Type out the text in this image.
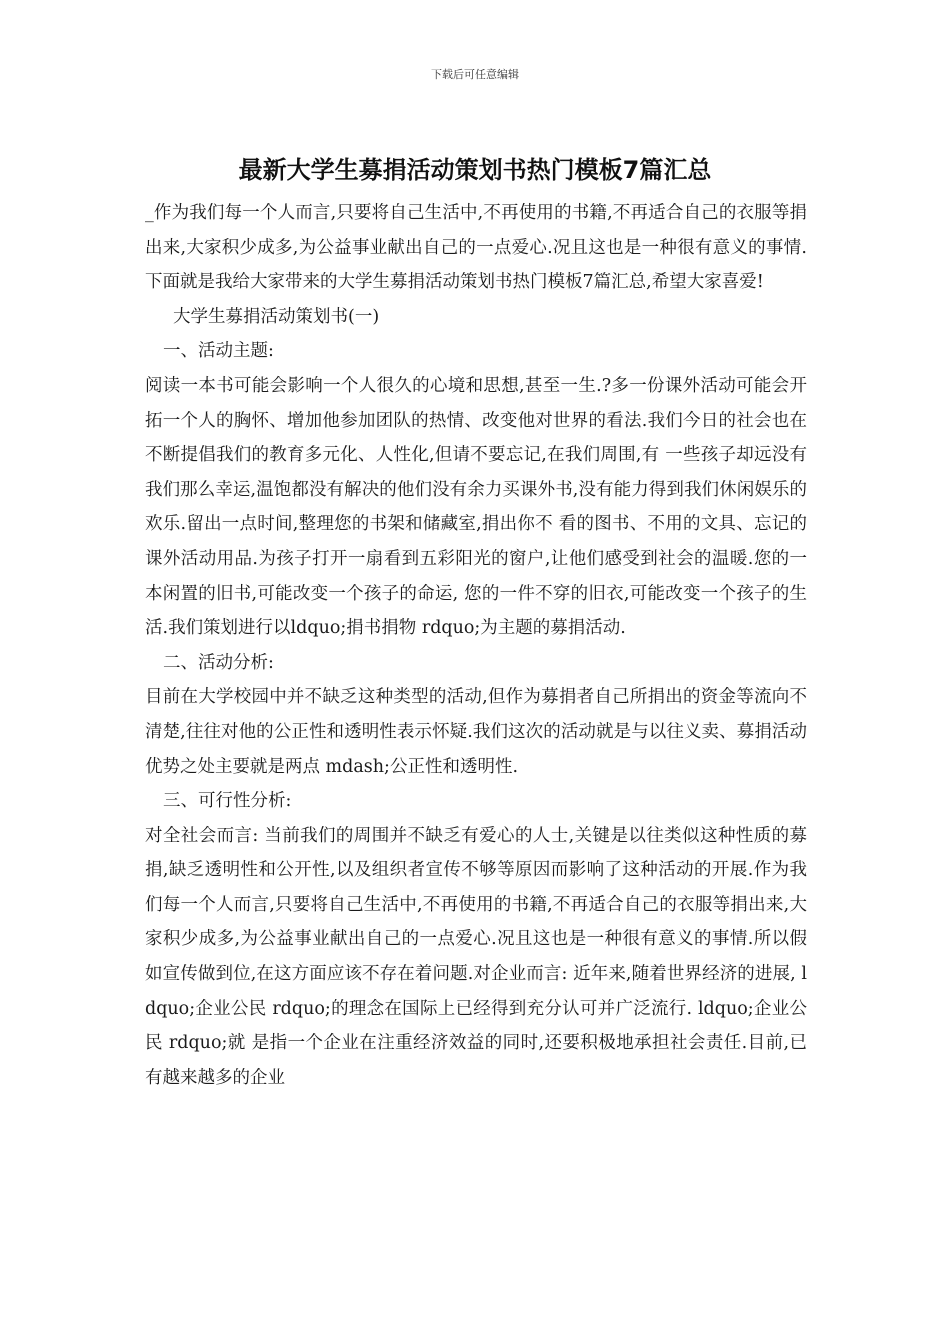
下载后可任意编辑
最新大学生募捐活动策划书热门模板7篇汇总

_作为我们每一个人而言,只要将自己生活中,不再使用的书籍,不再适合自己的衣服等捐出来,大家积少成多,为公益事业献出自己的一点爱心.况且这也是一种很有意义的事情.下面就是我给大家带来的大学生募捐活动策划书热门模板7篇汇总,希望大家喜爱!

大学生募捐活动策划书(一)

一、活动主题:

阅读一本书可能会影响一个人很久的心境和思想,甚至一生.?多一份课外活动可能会开拓一个人的胸怀、增加他参加团队的热情、改变他对世界的看法.我们今日的社会也在不断提倡我们的教育多元化、人性化,但请不要忘记,在我们周围,有 一些孩子却远没有我们那么幸运,温饱都没有解决的他们没有余力买课外书,没有能力得到我们休闲娱乐的欢乐.留出一点时间,整理您的书架和储藏室,捐出你不 看的图书、不用的文具、忘记的课外活动用品.为孩子打开一扇看到五彩阳光的窗户,让他们感受到社会的温暖.您的一本闲置的旧书,可能改变一个孩子的命运, 您的一件不穿的旧衣,可能改变一个孩子的生活.我们策划进行以ldquo;捐书捐物 rdquo;为主题的募捐活动.

二、活动分析:

目前在大学校园中并不缺乏这种类型的活动,但作为募捐者自己所捐出的资金等流向不清楚,往往对他的公正性和透明性表示怀疑.我们这次的活动就是与以往义卖、募捐活动优势之处主要就是两点 mdash;公正性和透明性.

三、可行性分析:

对全社会而言: 当前我们的周围并不缺乏有爱心的人士,关键是以往类似这种性质的募捐,缺乏透明性和公开性,以及组织者宣传不够等原因而影响了这种活动的开展.作为我们每一个人而言,只要将自己生活中,不再使用的书籍,不再适合自己的衣服等捐出来,大家积少成多,为公益事业献出自己的一点爱心.况且这也是一种很有意义的事情.所以假如宣传做到位,在这方面应该不存在着问题.对企业而言: 近年来,随着世界经济的进展, ldquo;企业公民 rdquo;的理念在国际上已经得到充分认可并广泛流行. ldquo;企业公民 rdquo;就 是指一个企业在注重经济效益的同时,还要积极地承担社会责任.目前,已有越来越多的企业
